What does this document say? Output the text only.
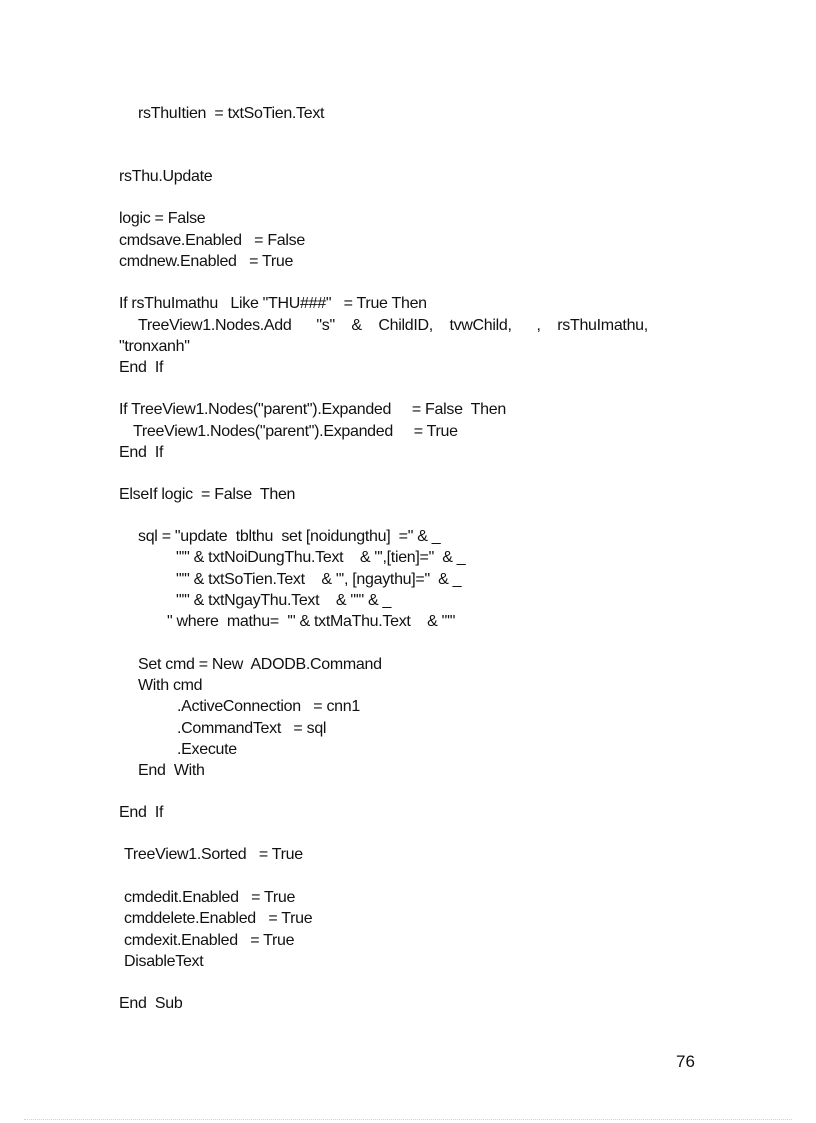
rsThuItien  = txtSoTien.Text
rsThu.Update
logic = False
cmdsave.Enabled   = False
cmdnew.Enabled   = True
If rsThuImathu   Like "THU###"   = True Then
TreeView1.Nodes.Add      "s"    &    ChildID,    tvwChild,      ,    rsThuImathu,
"tronxanh"
End  If
If TreeView1.Nodes("parent").Expanded     = False  Then
TreeView1.Nodes("parent").Expanded     = True
End  If
ElseIf logic  = False  Then
sql = "update  tblthu  set [noidungthu]  =" & _
"'" & txtNoiDungThu.Text    & "',[tien]="  & _
"'" & txtSoTien.Text    & "', [ngaythu]="  & _
"'" & txtNgayThu.Text    & "'" & _
" where  mathu=  '" & txtMaThu.Text    & "'"
Set cmd = New  ADODB.Command
With cmd
.ActiveConnection   = cnn1
.CommandText   = sql
.Execute
End  With
End  If
TreeView1.Sorted   = True
cmdedit.Enabled   = True
cmddelete.Enabled   = True
cmdexit.Enabled   = True
DisableText
End  Sub
76
